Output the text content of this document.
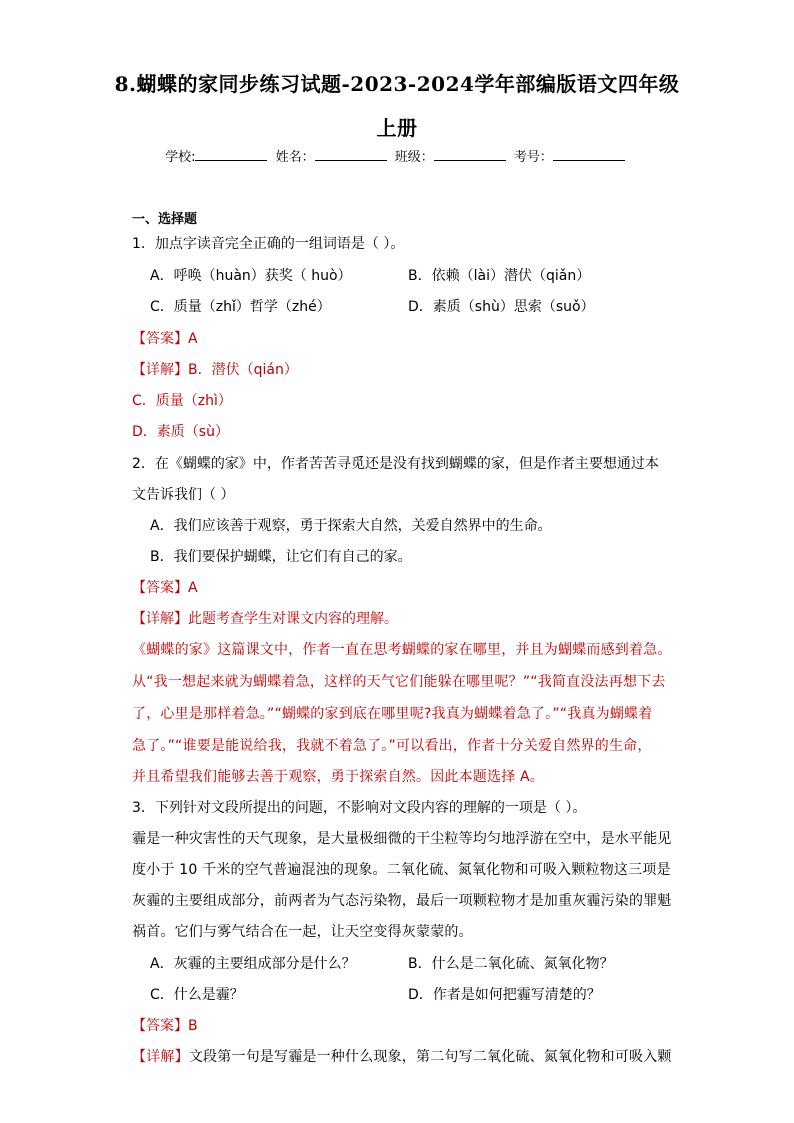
8.蝴蝶的家同步练习试题-2023-2024学年部编版语文四年级
上册
学校:	姓名：	班级：	考号：
一、选择题
1．加点字读音完全正确的一组词语是（ ）。
A．呼唤（huàn）获奖（ huò）	B．依赖（lài）潜伏（qiǎn）
C．质量（zhǐ）哲学（zhé）	D．素质（shù）思索（suǒ）
【答案】A
【详解】B．潜伏（qián）
C．质量（zhì）
D．素质（sù）
2．在《蝴蝶的家》中，作者苦苦寻觅还是没有找到蝴蝶的家，但是作者主要想通过本
文告诉我们（ ）
A．我们应该善于观察，勇于探索大自然，关爱自然界中的生命。
B．我们要保护蝴蝶，让它们有自己的家。
【答案】A
【详解】此题考查学生对课文内容的理解。
《蝴蝶的家》这篇课文中，作者一直在思考蝴蝶的家在哪里，并且为蝴蝶而感到着急。
从“我一想起来就为蝴蝶着急，这样的天气它们能躲在哪里呢？”“我简直没法再想下去
了，心里是那样着急。”“蝴蝶的家到底在哪里呢?我真为蝴蝶着急了。”“我真为蝴蝶着
急了。”“谁要是能说给我，我就不着急了。”可以看出，作者十分关爱自然界的生命，
并且希望我们能够去善于观察，勇于探索自然。因此本题选择 A。
3．下列针对文段所提出的问题，不影响对文段内容的理解的一项是（ ）。
霾是一种灾害性的天气现象，是大量极细微的干尘粒等均匀地浮游在空中，是水平能见
度小于 10 千米的空气普遍混浊的现象。二氧化硫、氮氧化物和可吸入颗粒物这三项是
灰霾的主要组成部分，前两者为气态污染物，最后一项颗粒物才是加重灰霾污染的罪魁
祸首。它们与雾气结合在一起，让天空变得灰蒙蒙的。
A．灰霾的主要组成部分是什么？	B．什么是二氧化硫、氮氧化物？
C．什么是霾？	D．作者是如何把霾写清楚的？
【答案】B
【详解】文段第一句是写霾是一种什么现象，第二句写二氧化硫、氮氧化物和可吸入颗
